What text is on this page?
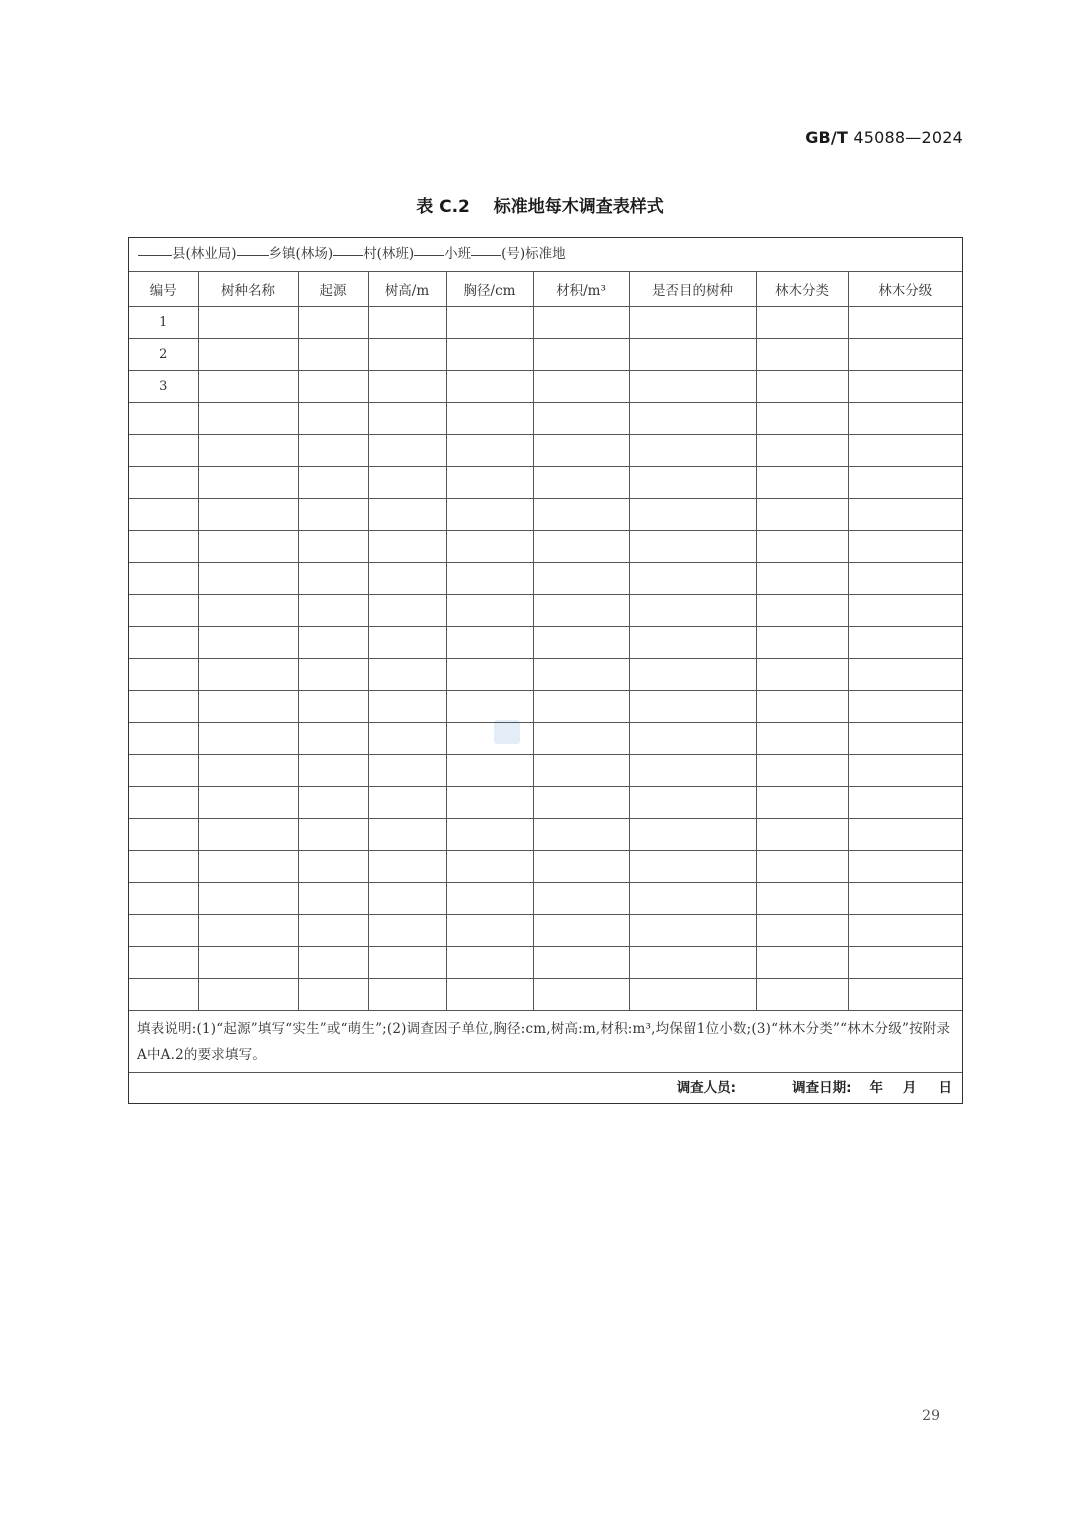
GB/T 45088—2024
表 C.2 标准地每木调查表样式
县(林业局) 乡镇(林场) 村(林班) 小班 (号)标准地
编号	树种名称	起源	树高/m	胸径/cm	材积/m³	是否目的树种	林木分类	林木分级
1								
2								
3								

填表说明:(1)“起源”填写“实生”或“萌生”;(2)调查因子单位,胸径:cm,树高:m,材积:m³,均保留1位小数;(3)“林木分类”“林木分级”按附录A中A.2的要求填写。
调查人员:	调查日期: 年 月 日
29
